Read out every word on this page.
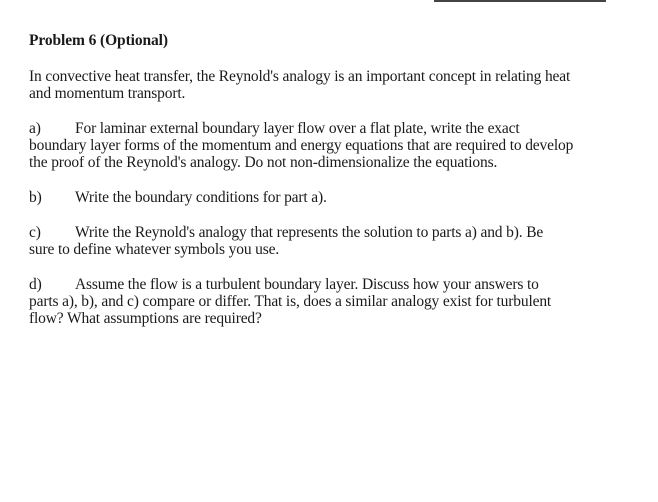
Problem 6 (Optional)
In convective heat transfer, the Reynold's analogy is an important concept in relating heat
and momentum transport.
a) For laminar external boundary layer flow over a flat plate, write the exact
boundary layer forms of the momentum and energy equations that are required to develop
the proof of the Reynold's analogy. Do not non-dimensionalize the equations.
b) Write the boundary conditions for part a).
c) Write the Reynold's analogy that represents the solution to parts a) and b). Be
sure to define whatever symbols you use.
d) Assume the flow is a turbulent boundary layer. Discuss how your answers to
parts a), b), and c) compare or differ. That is, does a similar analogy exist for turbulent
flow? What assumptions are required?
